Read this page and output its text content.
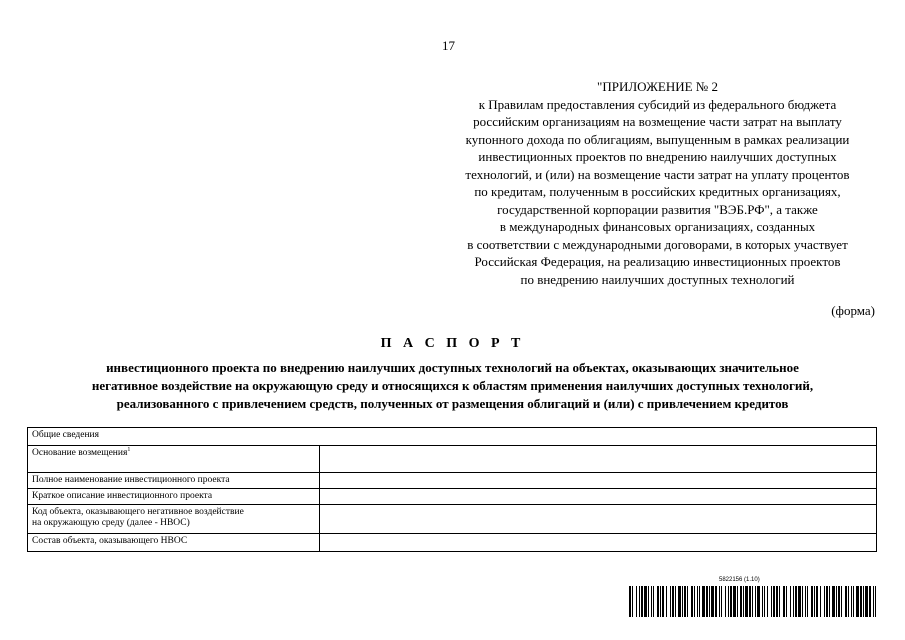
17
"ПРИЛОЖЕНИЕ № 2
к Правилам предоставления субсидий из федерального бюджета
российским организациям на возмещение части затрат на выплату
купонного дохода по облигациям, выпущенным в рамках реализации
инвестиционных проектов по внедрению наилучших доступных
технологий, и (или) на возмещение части затрат на уплату процентов
по кредитам, полученным в российских кредитных организациях,
государственной корпорации развития "ВЭБ.РФ", а также
в международных финансовых организациях, созданных
в соответствии с международными договорами, в которых участвует
Российская Федерация, на реализацию инвестиционных проектов
по внедрению наилучших доступных технологий
(форма)
П А С П О Р Т
инвестиционного проекта по внедрению наилучших доступных технологий на объектах, оказывающих значительное
негативное воздействие на окружающую среду и относящихся к областям применения наилучших доступных технологий,
реализованного с привлечением средств, полученных от размещения облигаций и (или) с привлечением кредитов
Общие сведения	
Основание возмещения$^1$	
Полное наименование инвестиционного проекта	
Краткое описание инвестиционного проекта	

Код объекта, оказывающего негативное воздействие
на окружающую среду (далее - НВОС)	

Состав объекта, оказывающего НВОС	
5822156 (1.10)
